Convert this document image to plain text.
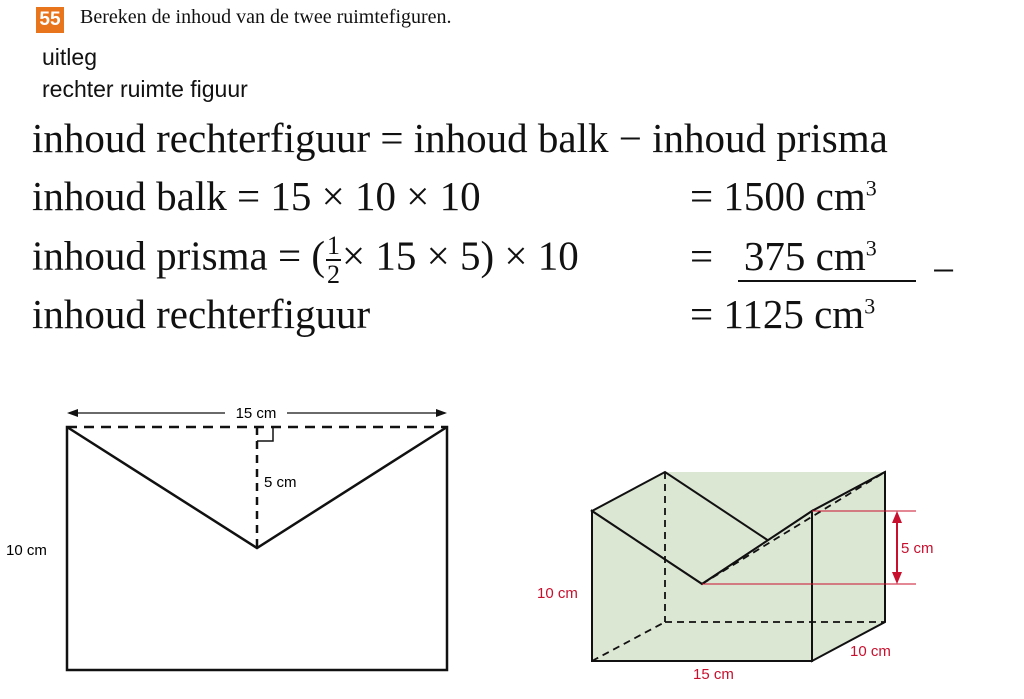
55 Bereken de inhoud van de twee ruimtefiguren.
uitleg
rechter ruimte figuur
inhoud rechterfiguur = inhoud balk − inhoud prisma
inhoud balk = 15 × 10 × 10	= 1500 $cm^3$
inhoud prisma = ( $\frac{1}{2} \times 15 \times 5) \times 10$	=   375 $cm^3$ −
inhoud rechterfiguur	= 1125 $cm^3$
15 cm
10 cm
5 cm
5 cm
10 cm
15 cm
10 cm
